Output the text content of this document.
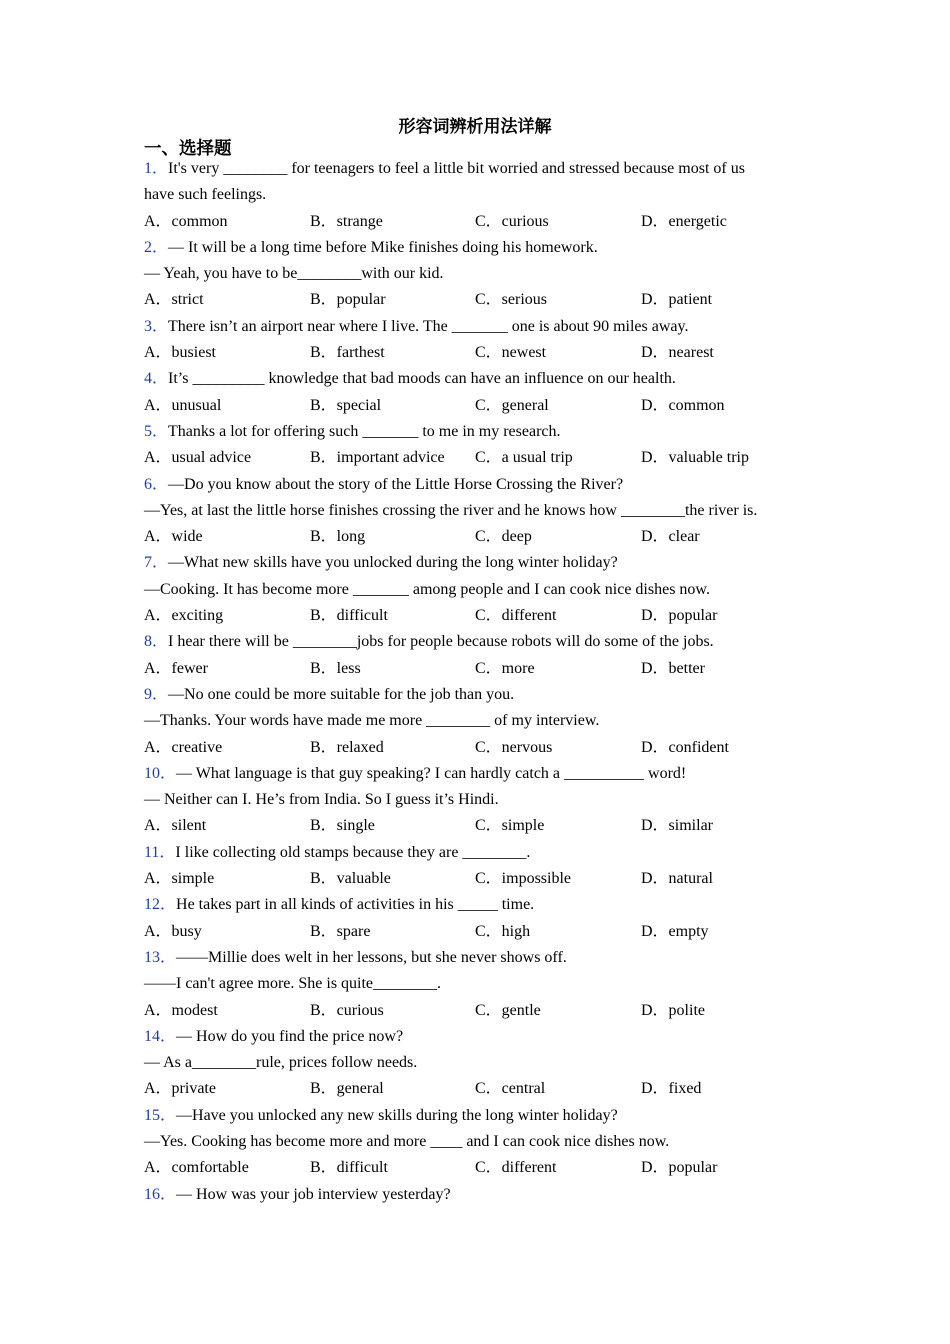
形容词辨析用法详解
一、选择题
1．It's very ________ for teenagers to feel a little bit worried and stressed because most of us
have such feelings.
A．common	B．strange	C．curious	D．energetic
2．— It will be a long time before Mike finishes doing his homework.
— Yeah, you have to be________with our kid.
A．strict	B．popular	C．serious	D．patient
3．There isn’t an airport near where I live. The _______ one is about 90 miles away.
A．busiest	B．farthest	C．newest	D．nearest
4．It’s _________ knowledge that bad moods can have an influence on our health.
A．unusual	B．special	C．general	D．common
5．Thanks a lot for offering such _______ to me in my research.
A．usual advice	B．important advice C．a usual trip	D．valuable trip
6．—Do you know about the story of the Little Horse Crossing the River?
—Yes, at last the little horse finishes crossing the river and he knows how ________the river is.
A．wide	B．long	C．deep	D．clear
7．—What new skills have you unlocked during the long winter holiday?
—Cooking. It has become more _______ among people and I can cook nice dishes now.
A．exciting	B．difficult	C．different	D．popular
8．I hear there will be ________jobs for people because robots will do some of the jobs.
A．fewer	B．less	C．more	D．better
9．—No one could be more suitable for the job than you.
—Thanks. Your words have made me more ________ of my interview.
A．creative	B．relaxed	C．nervous	D．confident
10．— What language is that guy speaking? I can hardly catch a __________ word!
— Neither can I. He’s from India. So I guess it’s Hindi.
A．silent	B．single	C．simple	D．similar
11．I like collecting old stamps because they are ________.
A．simple	B．valuable	C．impossible	D．natural
12．He takes part in all kinds of activities in his _____ time.
A．busy	B．spare	C．high	D．empty
13．——Millie does welt in her lessons, but she never shows off.
——I can't agree more. She is quite________.
A．modest	B．curious	C．gentle	D．polite
14．— How do you find the price now?
— As a________rule, prices follow needs.
A．private	B．general	C．central	D．fixed
15．—Have you unlocked any new skills during the long winter holiday?
—Yes. Cooking has become more and more ____ and I can cook nice dishes now.
A．comfortable	B．difficult	C．different	D．popular
16．— How was your job interview yesterday?
